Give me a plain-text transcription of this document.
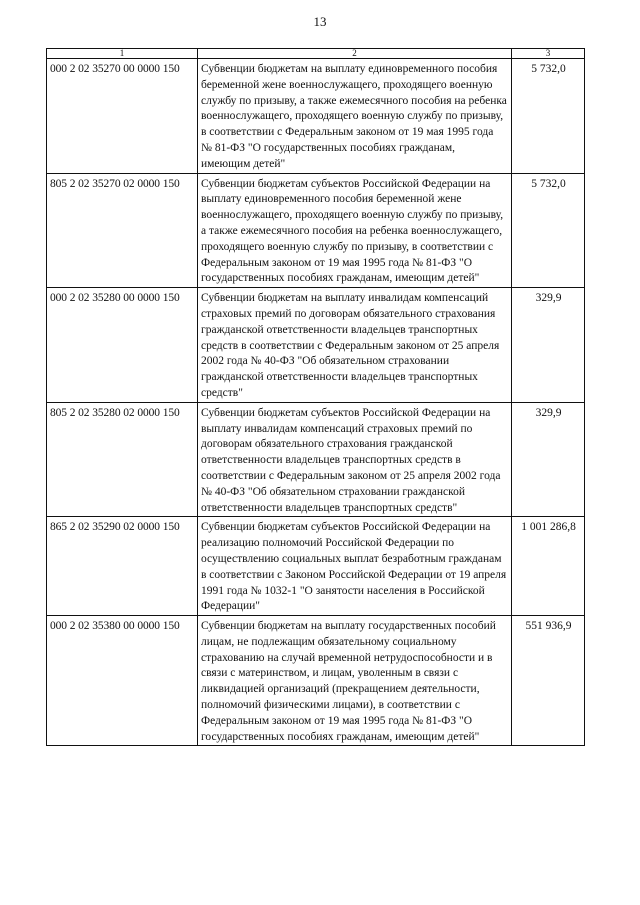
13
1	2	3
000 2 02 35270 00 0000 150	Субвенции бюджетам на выплату единовременного пособия беременной жене военнослужащего, проходящего военную службу по призыву, а также ежемесячного пособия на ребенка военнослужащего, проходящего военную службу по призыву, в соответствии с Федеральным законом от 19 мая 1995 года № 81-ФЗ "О государственных пособиях гражданам, имеющим детей"	5 732,0
805 2 02 35270 02 0000 150	Субвенции бюджетам субъектов Российской Федерации на выплату единовременного пособия беременной жене военнослужащего, проходящего военную службу по призыву, а также ежемесячного пособия на ребенка военнослужащего, проходящего военную службу по призыву, в соответствии с Федеральным законом от 19 мая 1995 года № 81-ФЗ "О государственных пособиях гражданам, имеющим детей"	5 732,0
000 2 02 35280 00 0000 150	Субвенции бюджетам на выплату инвалидам компенсаций страховых премий по договорам обязательного страхования гражданской ответственности владельцев транспортных средств в соответствии с Федеральным законом от 25 апреля 2002 года № 40-ФЗ "Об обязательном страховании гражданской ответственности владельцев транспортных средств"	329,9
805 2 02 35280 02 0000 150	Субвенции бюджетам субъектов Российской Федерации на выплату инвалидам компенсаций страховых премий по договорам обязательного страхования гражданской ответственности владельцев транспортных средств в соответствии с Федеральным законом от 25 апреля 2002 года № 40-ФЗ "Об обязательном страховании гражданской ответственности владельцев транспортных средств"	329,9
865 2 02 35290 02 0000 150	Субвенции бюджетам субъектов Российской Федерации на реализацию полномочий Российской Федерации по осуществлению социальных выплат безработным гражданам в соответствии с Законом Российской Федерации от 19 апреля 1991 года № 1032-1 "О занятости населения в Российской Федерации"	1 001 286,8
000 2 02 35380 00 0000 150	Субвенции бюджетам на выплату государственных пособий лицам, не подлежащим обязательному социальному страхованию на случай временной нетрудоспособности и в связи с материнством, и лицам, уволенным в связи с ликвидацией организаций (прекращением деятельности, полномочий физическими лицами), в соответствии с Федеральным законом от 19 мая 1995 года № 81-ФЗ "О государственных пособиях гражданам, имеющим детей"	551 936,9
